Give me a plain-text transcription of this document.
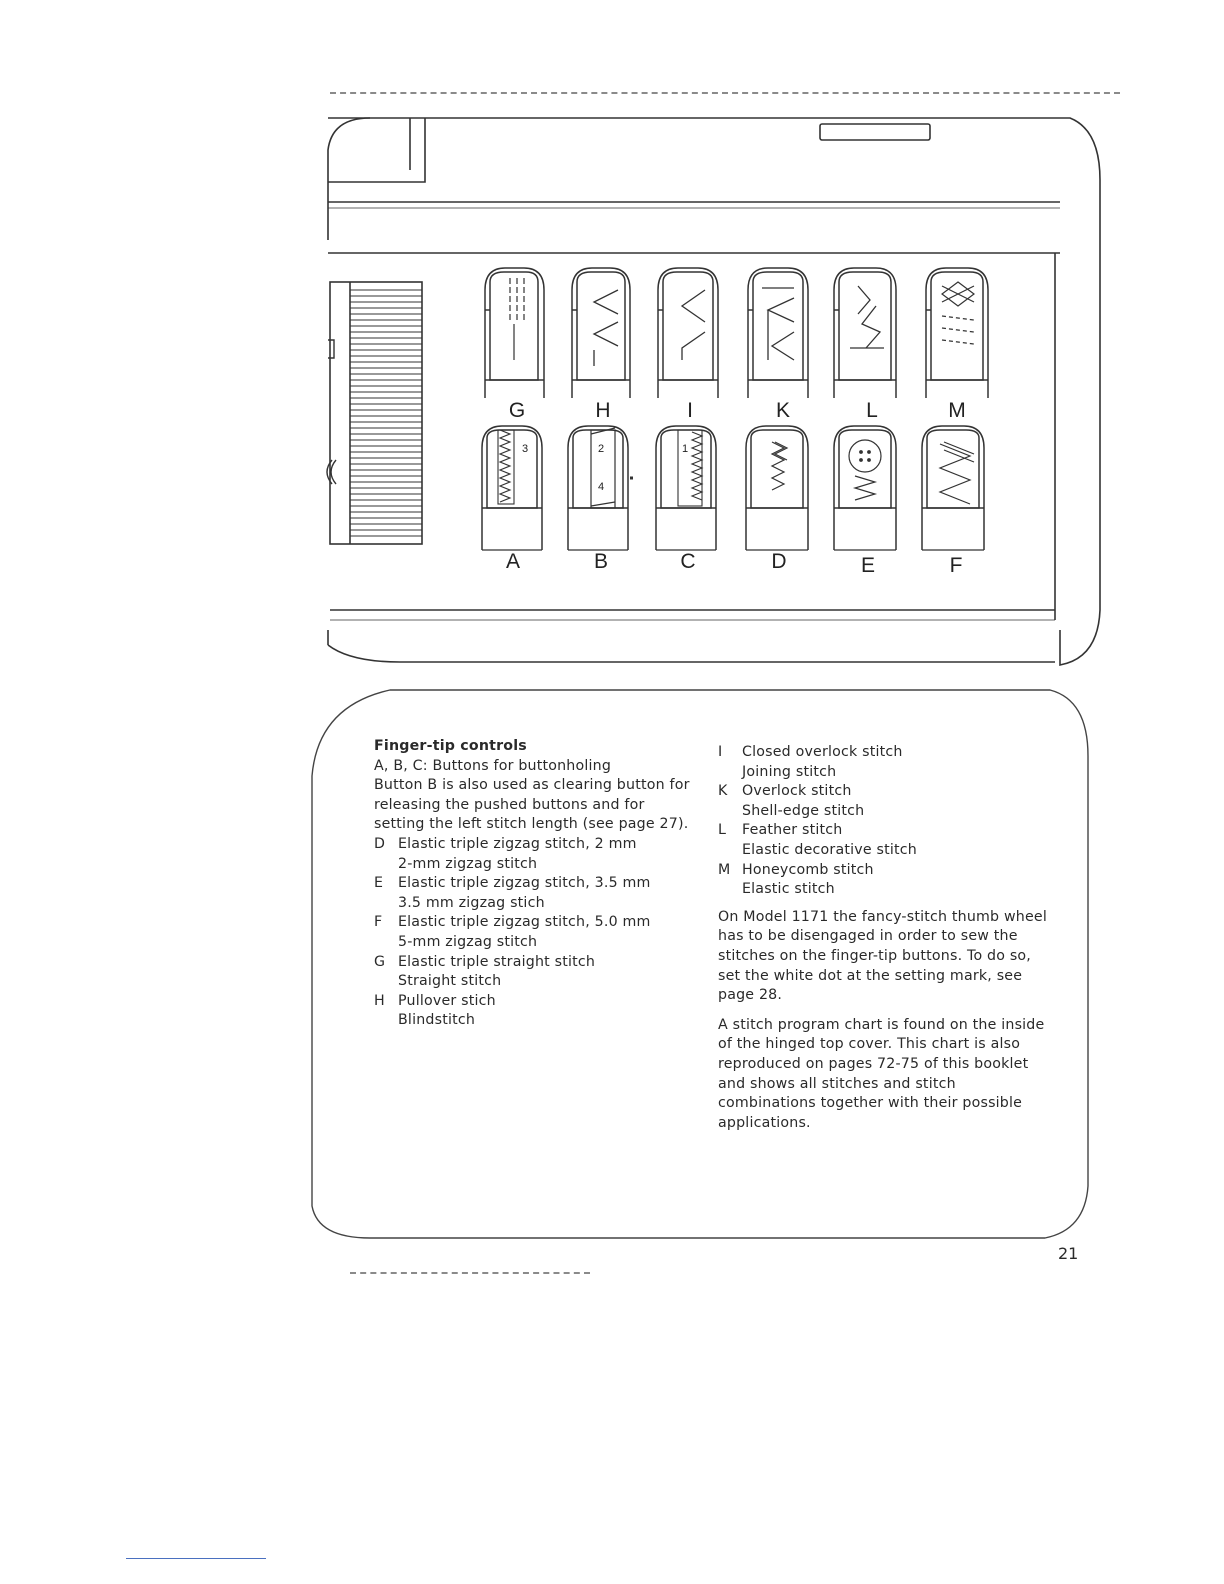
G	H	I	K	L	M
3
A
2
4
B
1
C	D	E	F
Finger-tip controls
A, B, C: Buttons for buttonholing
Button B is also used as clearing button for releasing the pushed buttons and for setting the left stitch length (see page 27).
D Elastic triple zigzag stitch, 2 mm
2-mm zigzag stitch
E	Elastic triple zigzag stitch, 3.5 mm
3.5 mm zigzag stich
F	Elastic triple zigzag stitch, 5.0 mm
5-mm zigzag stitch
G Elastic triple straight stitch
Straight stitch
H Pullover stich
Blindstitch
I	Closed overlock stitch
Joining stitch
K	Overlock stitch
Shell-edge stitch
L	Feather stitch
Elastic decorative stitch
M Honeycomb stitch
Elastic stitch
On Model 1171 the fancy-stitch thumb wheel has to be disengaged in order to sew the stitches on the finger-tip buttons. To do so, set the white dot at the setting mark, see page 28.
A stitch program chart is found on the inside of the hinged top cover. This chart is also reproduced on pages 72-75 of this booklet and shows all stitches and stitch combinations together with their possible applications.
21
